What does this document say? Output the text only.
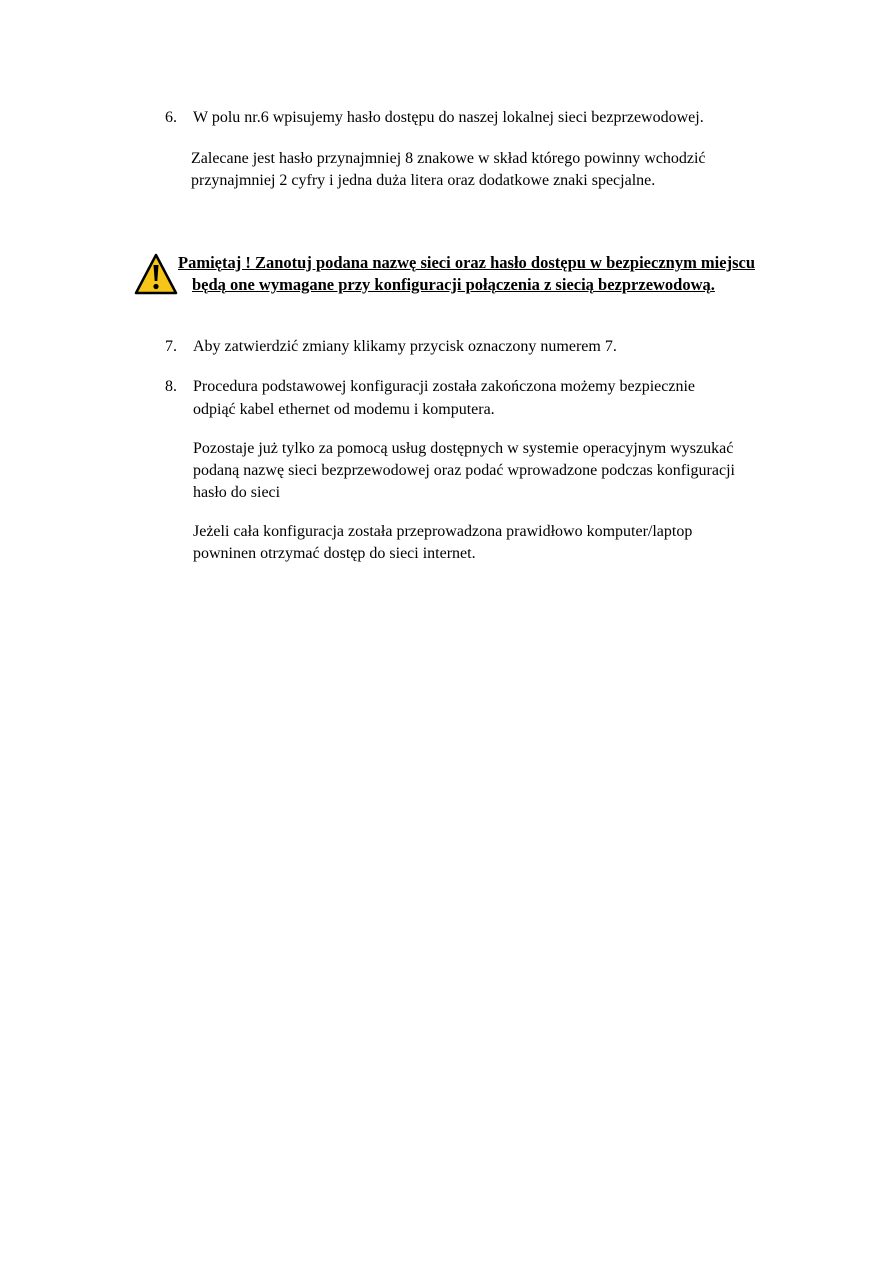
6. W polu nr.6 wpisujemy hasło dostępu do naszej lokalnej sieci bezprzewodowej.
Zalecane jest hasło przynajmniej 8 znakowe w skład którego powinny wchodzić
przynajmniej 2 cyfry i jedna duża litera oraz dodatkowe znaki specjalne.
Pamiętaj ! Zanotuj podana nazwę sieci oraz hasło dostępu w bezpiecznym miejscu
będą one wymagane przy konfiguracji połączenia z siecią bezprzewodową.
7. Aby zatwierdzić zmiany klikamy przycisk oznaczony numerem 7.
8. Procedura podstawowej konfiguracji została zakończona możemy bezpiecznie
odpiąć kabel ethernet od modemu i komputera.
Pozostaje już tylko za pomocą usług dostępnych w systemie operacyjnym wyszukać
podaną nazwę sieci bezprzewodowej oraz podać wprowadzone podczas konfiguracji
hasło do sieci
Jeżeli cała konfiguracja została przeprowadzona prawidłowo komputer/laptop
powninen otrzymać dostęp do sieci internet.
